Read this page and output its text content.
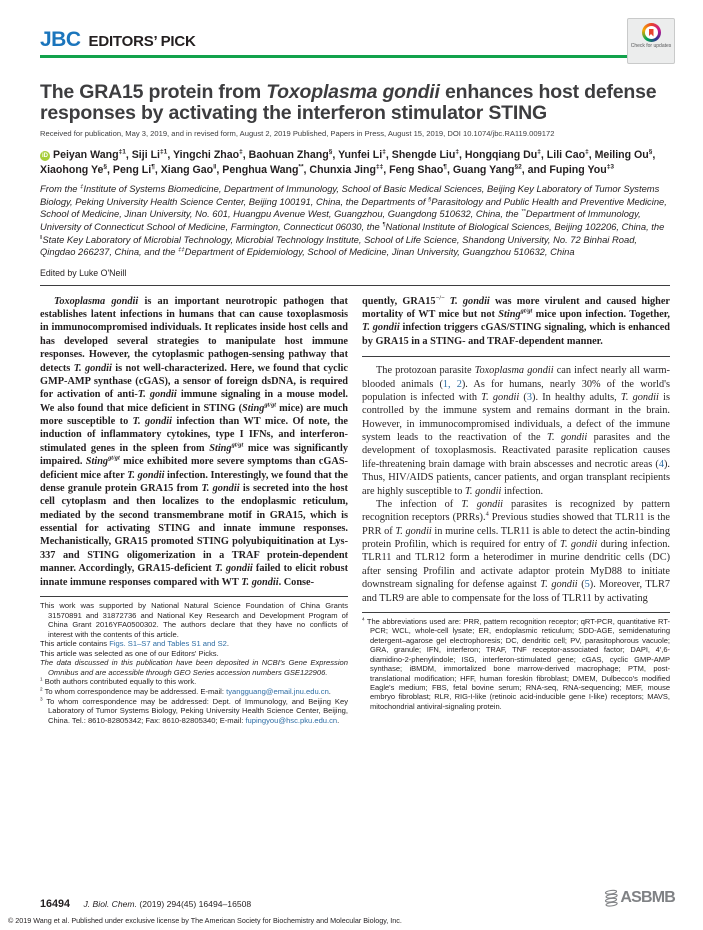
JBC EDITORS’ PICK	Check for updates
The GRA15 protein from Toxoplasma gondii enhances host defense responses by activating the interferon stimulator STING
Received for publication, May 3, 2019, and in revised form, August 2, 2019 Published, Papers in Press, August 15, 2019, DOI 10.1074/jbc.RA119.009172
iD Peiyan Wang$^{\ddagger 1}$, Siji Li$^{\ddagger 1}$, Yingchi Zhao‡, Baohuan Zhang§, Yunfei Li‡, Shengde Liu‡, Hongqiang Du‡, Lili Cao‡, Meiling Ou§, Xiaohong Ye§, Peng Li¶, Xiang Gao‖, Penghua Wang**, Chunxia Jing‡‡, Feng Shao¶, Guang Yang$^{\S 2}$, and Fuping You$^{\ddagger 3}$
From the ‡Institute of Systems Biomedicine, Department of Immunology, School of Basic Medical Sciences, Beijing Key Laboratory of Tumor Systems Biology, Peking University Health Science Center, Beijing 100191, China, the Departments of §Parasitology and Public Health and Preventive Medicine, School of Medicine, Jinan University, No. 601, Huangpu Avenue West, Guangzhou, Guangdong 510632, China, the **Department of Immunology, University of Connecticut School of Medicine, Farmington, Connecticut 06030, the ¶National Institute of Biological Sciences, Beijing 102206, China, the ‖State Key Laboratory of Microbial Technology, Microbial Technology Institute, School of Life Science, Shandong University, No. 72 Binhai Road, Qingdao 266237, China, and the ‡‡Department of Epidemiology, School of Medicine, Jinan University, Guangzhou 510632, China
Edited by Luke O'Neill

Toxoplasma gondii is an important neurotropic pathogen that establishes latent infections in humans that can cause toxoplasmosis in immunocompromised individuals. It replicates inside host cells and has developed several strategies to manipulate host immune responses. However, the cytoplasmic pathogen-sensing pathway that detects T. gondii is not well-characterized. Here, we found that cyclic GMP-AMP synthase (cGAS), a sensor of foreign dsDNA, is required for activation of anti-T. gondii immune signaling in a mouse model. We also found that mice deficient in STING (Sting$^{gt/gt}$ mice) are much more susceptible to T. gondii infection than WT mice. Of note, the induction of inflammatory cytokines, type I IFNs, and interferon-stimulated genes in the spleen from Sting$^{gt/gt}$ mice was significantly impaired. Sting$^{gt/gt}$ mice exhibited more severe symptoms than cGAS-deficient mice after T. gondii infection. Interestingly, we found that the dense granule protein GRA15 from T. gondii is secreted into the host cell cytoplasm and then localizes to the endoplasmic reticulum, mediated by the second transmembrane motif in GRA15, which is essential for activating STING and innate immune responses. Mechanistically, GRA15 promoted STING polyubiquitination at Lys-337 and STING oligomerization in a TRAF protein-dependent manner. Accordingly, GRA15-deficient T. gondii failed to elicit robust innate immune responses compared with WT T. gondii. Conse-

This work was supported by National Natural Science Foundation of China Grants 31570891 and 31872736 and National Key Research and Development Program of China Grant 2016YFA0500302. The authors declare that they have no conflicts of interest with the contents of this article.
This article contains Figs. S1–S7 and Tables S1 and S2.
This article was selected as one of our Editors' Picks.
The data discussed in this publication have been deposited in NCBI's Gene Expression Omnibus and are accessible through GEO Series accession numbers GSE122906.
$^1$ Both authors contributed equally to this work.
$^2$ To whom correspondence may be addressed. E-mail: tyangguang@email.jnu.edu.cn.
$^3$ To whom correspondence may be addressed: Dept. of Immunology, and Beijing Key Laboratory of Tumor Systems Biology, Peking University Health Science Center, Beijing, China. Tel.: 8610-82805342; Fax: 8610-82805340; E-mail: fupingyou@hsc.pku.edu.cn.

quently, GRA15−/− T. gondii was more virulent and caused higher mortality of WT mice but not Sting$^{gt/gt}$ mice upon infection. Together, T. gondii infection triggers cGAS/STING signaling, which is enhanced by GRA15 in a STING- and TRAF-dependent manner.

The protozoan parasite Toxoplasma gondii can infect nearly all warm-blooded animals (1, 2). As for humans, nearly 30% of the world's population is infected with T. gondii (3). In healthy adults, T. gondii is controlled by the immune system and remains dormant in the brain. However, in immunocompromised individuals, a defect of the immune system leads to the reactivation of the T. gondii parasites and the development of toxoplasmosis. Reactivated parasite replication causes life-threatening brain damage with brain abscesses and necrotic areas (4). Thus, HIV/AIDS patients, cancer patients, and organ transplant recipients are highly susceptible to T. gondii infection.

The infection of T. gondii parasites is recognized by pattern recognition receptors (PRRs).$^4$ Previous studies showed that TLR11 is the PRR of T. gondii in murine cells. TLR11 is able to detect the actin-binding protein Profilin, which is required for entry of T. gondii during infection. TLR11 and TLR12 form a heterodimer in murine dendritic cells (DC) after sensing Profilin and activate adaptor protein MyD88 to initiate downstream signaling for defense against T. gondii (5). Moreover, TLR7 and TLR9 are able to compensate for the loss of TLR11 by activating

$^4$ The abbreviations used are: PRR, pattern recognition receptor; qRT-PCR, quantitative RT-PCR; WCL, whole-cell lysate; ER, endoplasmic reticulum; SDD-AGE, semidenaturing detergent–agarose gel electrophoresis; DC, dendritic cell; PV, parasitophorous vacuole; GRA, granule; IFN, interferon; TRAF, TNF receptor-associated factor; DAPI, 4′,6-diamidino-2-phenylindole; ISG, interferon-stimulated gene; cGAS, cyclic GMP-AMP synthase; iBMDM, immortalized bone marrow-derived macrophage; PTM, post-translational modification; HFF, human foreskin fibroblast; DMEM, Dulbecco's modified Eagle's medium; FBS, fetal bovine serum; RNA-seq, RNA-sequencing; MEF, mouse embryo fibroblast; RLR, RIG-I-like (retinoic acid-inducible gene I-like) receptors; MAVS, mitochondrial antiviral-signaling protein.
16494 J. Biol. Chem. (2019) 294(45) 16494–16508	ASBMB
© 2019 Wang et al. Published under exclusive license by The American Society for Biochemistry and Molecular Biology, Inc.
